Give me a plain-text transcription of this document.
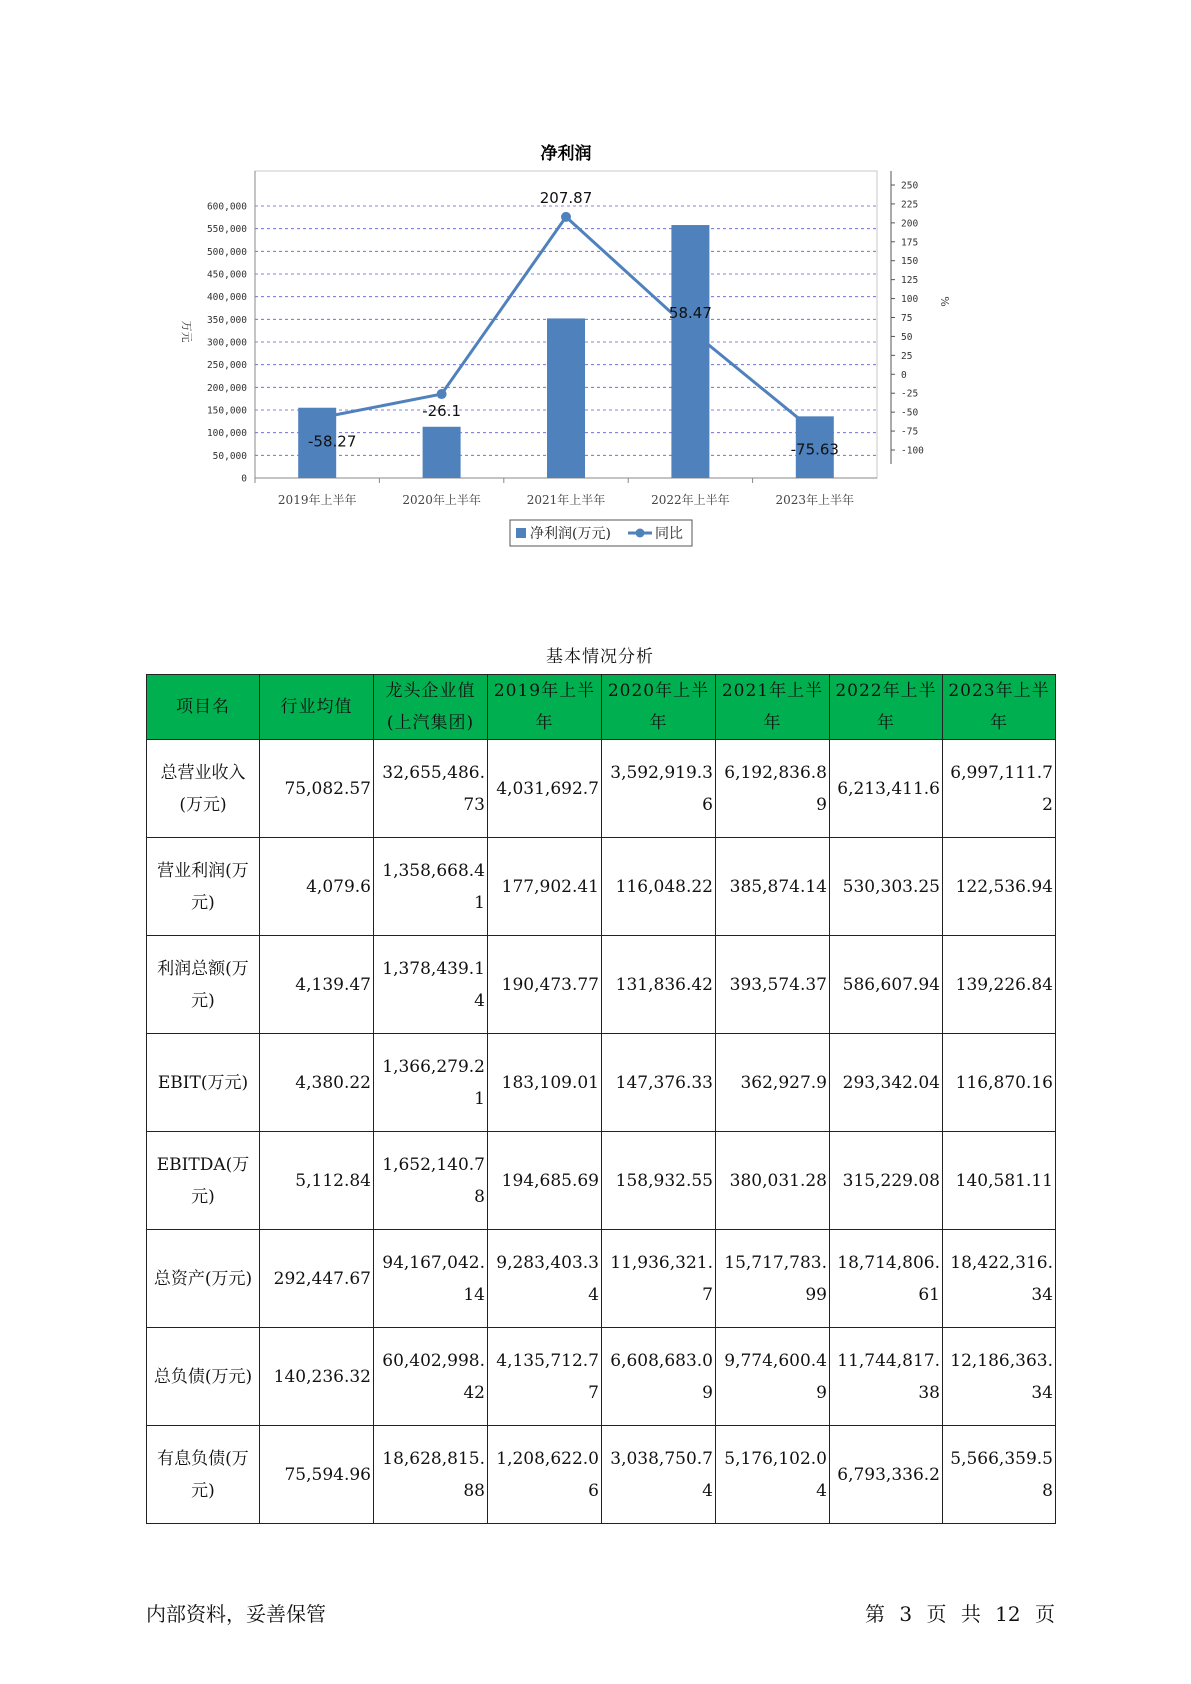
净利润
0
50,000
100,000
150,000
200,000
250,000
300,000
350,000
400,000
450,000
500,000
550,000
600,000
万元
-100
-75
-50
-25
0
25
50
75
100
125
150
175
200
225
250
%
2019年上半年	2020年上半年	2021年上半年	2022年上半年	2023年上半年
-58.27
-26.1
207.87
58.47
-75.63
净利润(万元)	同比
基本情况分析
项目名	行业均值	龙头企业值(上汽集团)	2019年上半年	2020年上半年	2021年上半年	2022年上半年	2023年上半年
总营业收入(万元)	75,082.57	32,655,486.73	4,031,692.7	3,592,919.36	6,192,836.89	6,213,411.6	6,997,111.72
营业利润(万元)	4,079.6	1,358,668.41	177,902.41	116,048.22	385,874.14	530,303.25	122,536.94
利润总额(万元)	4,139.47	1,378,439.14	190,473.77	131,836.42	393,574.37	586,607.94	139,226.84
EBIT(万元)	4,380.22	1,366,279.21	183,109.01	147,376.33	362,927.9	293,342.04	116,870.16
EBITDA(万元)	5,112.84	1,652,140.78	194,685.69	158,932.55	380,031.28	315,229.08	140,581.11
总资产(万元)	292,447.67	94,167,042.14	9,283,403.34	11,936,321.7	15,717,783.99	18,714,806.61	18,422,316.34
总负债(万元)	140,236.32	60,402,998.42	4,135,712.77	6,608,683.09	9,774,600.49	11,744,817.38	12,186,363.34
有息负债(万元)	75,594.96	18,628,815.88	1,208,622.06	3,038,750.74	5,176,102.04	6,793,336.2	5,566,359.58
内部资料，妥善保管	第 3 页 共 12 页
